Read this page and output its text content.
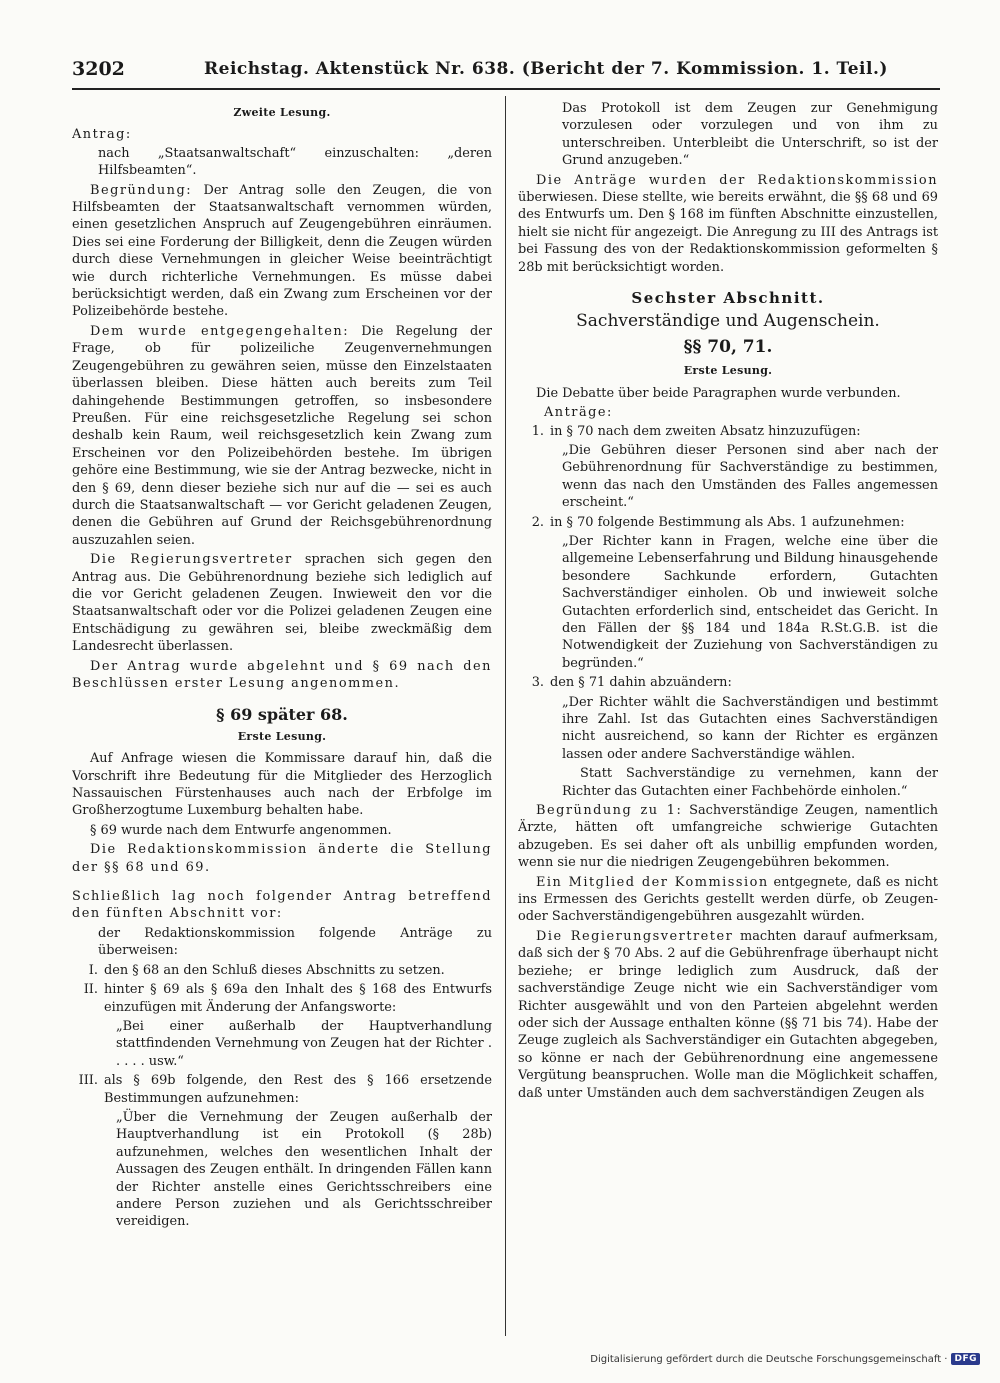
3202	Reichstag. Aktenstück Nr. 638. (Bericht der 7. Kommission. 1. Teil.)
Zweite Lesung.

Antrag:

nach „Staatsanwaltschaft“ einzuschalten: „deren Hilfsbeamten“.

Begründung: Der Antrag solle den Zeugen, die von Hilfsbeamten der Staatsanwaltschaft vernommen würden, einen gesetzlichen Anspruch auf Zeugengebühren einräumen. Dies sei eine Forderung der Billigkeit, denn die Zeugen würden durch diese Vernehmungen in gleicher Weise beeinträchtigt wie durch richterliche Vernehmungen. Es müsse dabei berücksichtigt werden, daß ein Zwang zum Erscheinen vor der Polizeibehörde bestehe.

Dem wurde entgegengehalten: Die Regelung der Frage, ob für polizeiliche Zeugenvernehmungen Zeugengebühren zu gewähren seien, müsse den Einzelstaaten überlassen bleiben. Diese hätten auch bereits zum Teil dahingehende Bestimmungen getroffen, so insbesondere Preußen. Für eine reichsgesetzliche Regelung sei schon deshalb kein Raum, weil reichsgesetzlich kein Zwang zum Erscheinen vor den Polizeibehörden bestehe. Im übrigen gehöre eine Bestimmung, wie sie der Antrag bezwecke, nicht in den § 69, denn dieser beziehe sich nur auf die — sei es auch durch die Staatsanwaltschaft — vor Gericht geladenen Zeugen, denen die Gebühren auf Grund der Reichsgebührenordnung auszuzahlen seien.

Die Regierungsvertreter sprachen sich gegen den Antrag aus. Die Gebührenordnung beziehe sich lediglich auf die vor Gericht geladenen Zeugen. Inwieweit den vor die Staatsanwaltschaft oder vor die Polizei geladenen Zeugen eine Entschädigung zu gewähren sei, bleibe zweckmäßig dem Landesrecht überlassen.

Der Antrag wurde abgelehnt und § 69 nach den Beschlüssen erster Lesung angenommen.

§ 69 später 68.
Erste Lesung.

Auf Anfrage wiesen die Kommissare darauf hin, daß die Vorschrift ihre Bedeutung für die Mitglieder des Herzoglich Nassauischen Fürstenhauses auch nach der Erbfolge im Großherzogtume Luxemburg behalten habe.

§ 69 wurde nach dem Entwurfe angenommen.

Die Redaktionskommission änderte die Stellung der §§ 68 und 69.

Schließlich lag noch folgender Antrag betreffend den fünften Abschnitt vor:

der Redaktionskommission folgende Anträge zu überweisen:

I. den § 68 an den Schluß dieses Abschnitts zu setzen.
II. hinter § 69 als § 69a den Inhalt des § 168 des Entwurfs einzufügen mit Änderung der Anfangsworte:

„Bei einer außerhalb der Hauptverhandlung stattfindenden Vernehmung von Zeugen hat der Richter . . . . . usw.“

III. als § 69b folgende, den Rest des § 166 ersetzende Bestimmungen aufzunehmen:

„Über die Vernehmung der Zeugen außerhalb der Hauptverhandlung ist ein Protokoll (§ 28b) aufzunehmen, welches den wesentlichen Inhalt der Aussagen des Zeugen enthält. In dringenden Fällen kann der Richter anstelle eines Gerichtsschreibers eine andere Person zuziehen und als Gerichtsschreiber vereidigen.

Das Protokoll ist dem Zeugen zur Genehmigung vorzulesen oder vorzulegen und von ihm zu unterschreiben. Unterbleibt die Unterschrift, so ist der Grund anzugeben.“

Die Anträge wurden der Redaktionskommission überwiesen. Diese stellte, wie bereits erwähnt, die §§ 68 und 69 des Entwurfs um. Den § 168 im fünften Abschnitte einzustellen, hielt sie nicht für angezeigt. Die Anregung zu III des Antrags ist bei Fassung des von der Redaktionskommission geformelten § 28b mit berücksichtigt worden.

Sechster Abschnitt.
Sachverständige und Augenschein.
§§ 70, 71.
Erste Lesung.

Die Debatte über beide Paragraphen wurde verbunden.

Anträge:

1. in § 70 nach dem zweiten Absatz hinzuzufügen:

„Die Gebühren dieser Personen sind aber nach der Gebührenordnung für Sachverständige zu bestimmen, wenn das nach den Umständen des Falles angemessen erscheint.“

2. in § 70 folgende Bestimmung als Abs. 1 aufzunehmen:

„Der Richter kann in Fragen, welche eine über die allgemeine Lebenserfahrung und Bildung hinausgehende besondere Sachkunde erfordern, Gutachten Sachverständiger einholen. Ob und inwieweit solche Gutachten erforderlich sind, entscheidet das Gericht. In den Fällen der §§ 184 und 184a R.St.G.B. ist die Notwendigkeit der Zuziehung von Sachverständigen zu begründen.“

3. den § 71 dahin abzuändern:

„Der Richter wählt die Sachverständigen und bestimmt ihre Zahl. Ist das Gutachten eines Sachverständigen nicht ausreichend, so kann der Richter es ergänzen lassen oder andere Sachverständige wählen.

Statt Sachverständige zu vernehmen, kann der Richter das Gutachten einer Fachbehörde einholen.“

Begründung zu 1: Sachverständige Zeugen, namentlich Ärzte, hätten oft umfangreiche schwierige Gutachten abzugeben. Es sei daher oft als unbillig empfunden worden, wenn sie nur die niedrigen Zeugengebühren bekommen.

Ein Mitglied der Kommission entgegnete, daß es nicht ins Ermessen des Gerichts gestellt werden dürfe, ob Zeugen- oder Sachverständigengebühren ausgezahlt würden.

Die Regierungsvertreter machten darauf aufmerksam, daß sich der § 70 Abs. 2 auf die Gebührenfrage überhaupt nicht beziehe; er bringe lediglich zum Ausdruck, daß der sachverständige Zeuge nicht wie ein Sachverständiger vom Richter ausgewählt und von den Parteien abgelehnt werden oder sich der Aussage enthalten könne (§§ 71 bis 74). Habe der Zeuge zugleich als Sachverständiger ein Gutachten abgegeben, so könne er nach der Gebührenordnung eine angemessene Vergütung beanspruchen. Wolle man die Möglichkeit schaffen, daß unter Umständen auch dem sachverständigen Zeugen als

Digitalisierung gefördert durch die Deutsche Forschungsgemeinschaft · DFG
